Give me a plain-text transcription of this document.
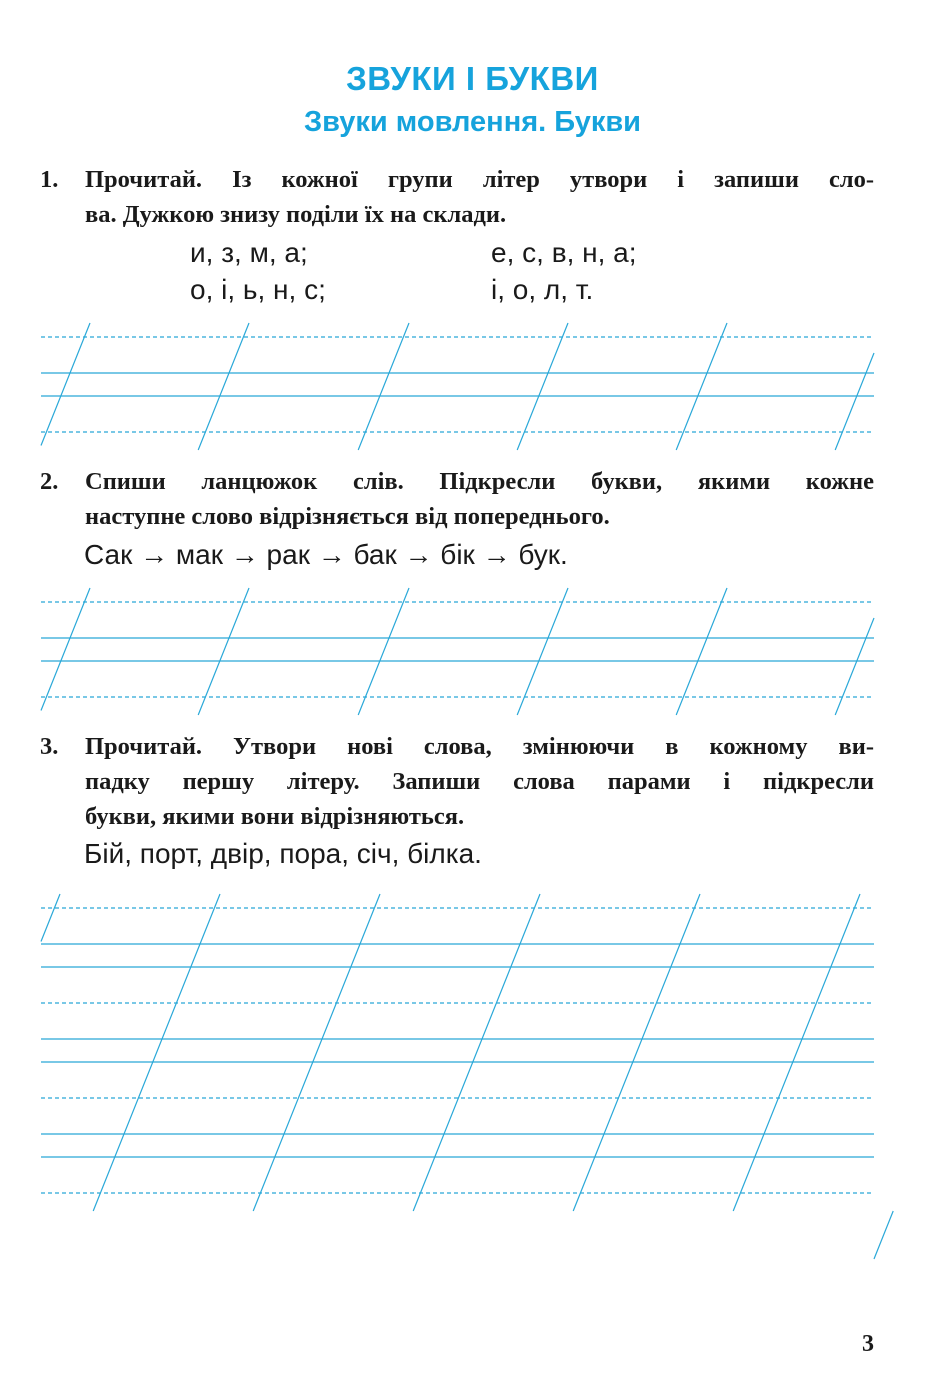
ЗВУКИ І БУКВИ
Звуки мовлення. Букви
1. Прочитай. Із кожної групи літер утвори і запиши сло-
ва. Дужкою знизу поділи їх на склади.
и, з, м, а;	е, с, в, н, а;
о, і, ь, н, с;	і, о, л, т.
2. Спиши ланцюжок слів. Підкресли букви, якими кожне
наступне слово відрізняється від попереднього.
Сак → мак → рак → бак → бік → бук.
3. Прочитай. Утвори нові слова, змінюючи в кожному ви-
падку першу літеру. Запиши слова парами і підкресли
букви, якими вони відрізняються.
Бій, порт, двір, пора, січ, білка.
3
